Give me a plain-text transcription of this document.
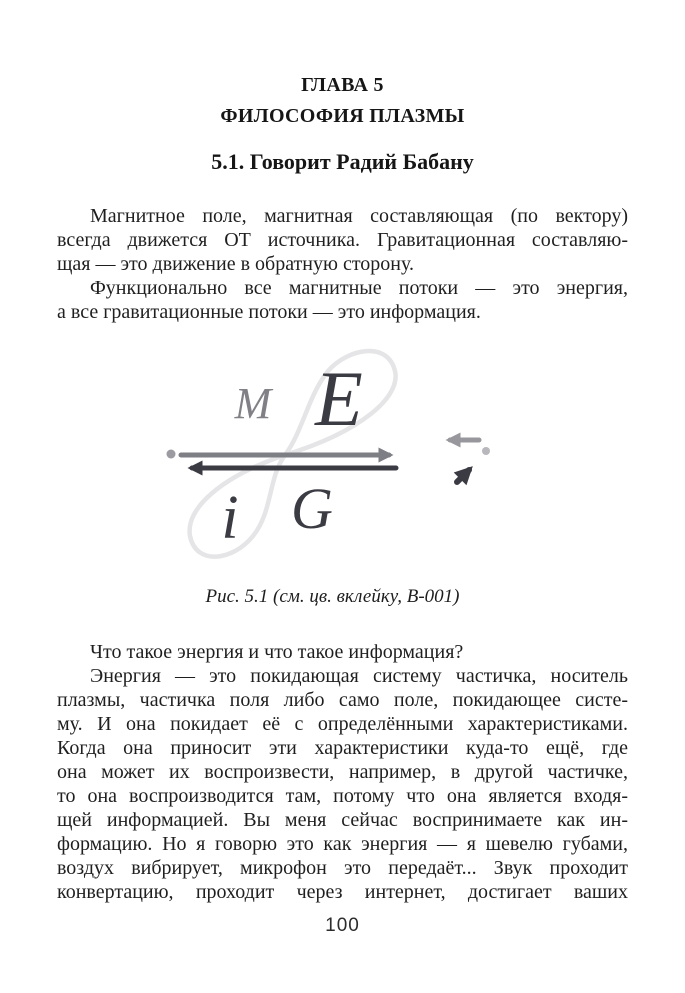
ГЛАВА 5
ФИЛОСОФИЯ ПЛАЗМЫ
5.1. Говорит Радий Бабану
Магнитное поле, магнитная составляющая (по вектору)
всегда движется ОТ источника. Гравитационная составляю-
щая — это движение в обратную сторону.
Функционально все магнитные потоки — это энергия,
а все гравитационные потоки — это информация.
M E
i G
Рис. 5.1 (см. цв. вклейку, В-001)
Что такое энергия и что такое информация?
Энергия — это покидающая систему частичка, носитель
плазмы, частичка поля либо само поле, покидающее систе-
му. И она покидает её с определёнными характеристиками.
Когда она приносит эти характеристики куда-то ещё, где
она может их воспроизвести, например, в другой частичке,
то она воспроизводится там, потому что она является входя-
щей информацией. Вы меня сейчас воспринимаете как ин-
формацию. Но я говорю это как энергия — я шевелю губами,
воздух вибрирует, микрофон это передаёт... Звук проходит
конвертацию, проходит через интернет, достигает ваших
100
